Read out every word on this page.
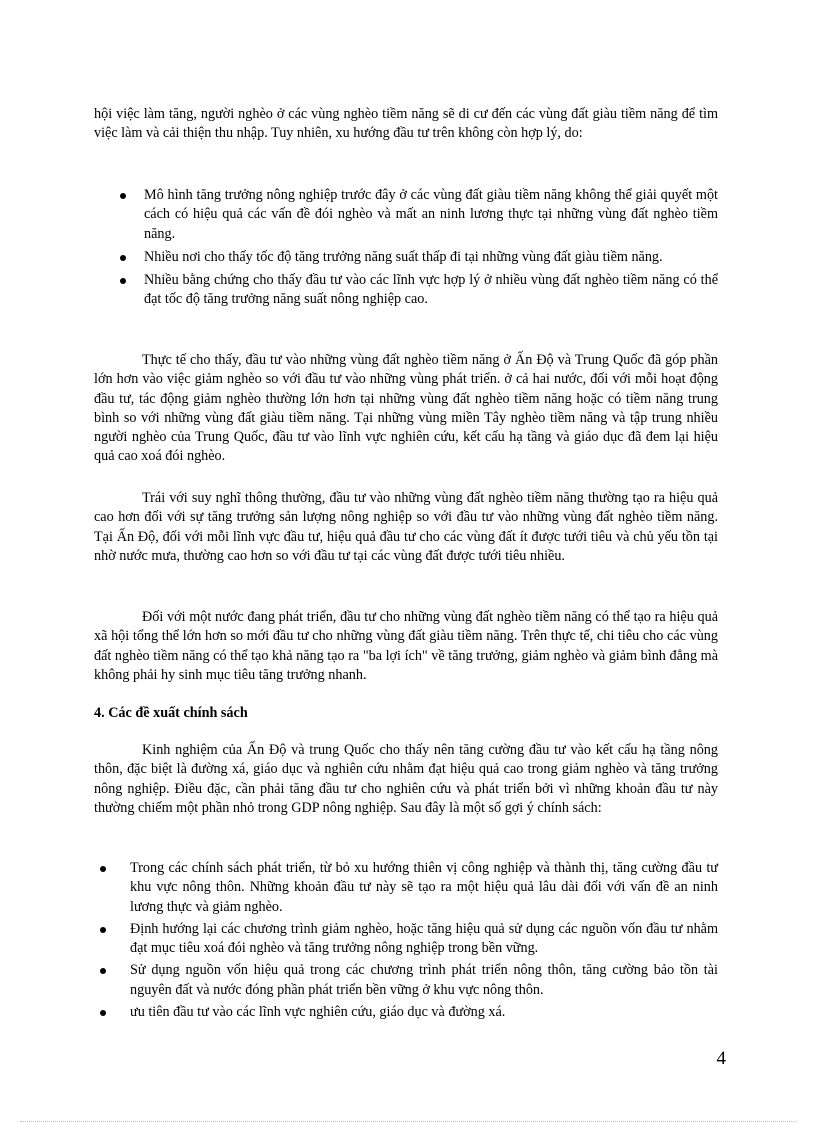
hội việc làm tăng, người nghèo ở các vùng nghèo tiềm năng sẽ di cư đến các vùng đất giàu tiềm năng để tìm việc làm và cải thiện thu nhập. Tuy nhiên, xu hướng đầu tư trên không còn hợp lý, do:

Mô hình tăng trưởng nông nghiệp trước đây ở các vùng đất giàu tiềm năng không thể giải quyết một cách có hiệu quả các vấn đề đói nghèo và mất an ninh lương thực tại những vùng đất nghèo tiềm năng.
Nhiều nơi cho thấy tốc độ tăng trưởng năng suất thấp đi tại những vùng đất giàu tiềm năng.
Nhiều bằng chứng cho thấy đầu tư vào các lĩnh vực hợp lý ở nhiều vùng đất nghèo tiềm năng có thể đạt tốc độ tăng trưởng năng suất nông nghiệp cao.

Thực tế cho thấy, đầu tư vào những vùng đất nghèo tiềm năng ở Ấn Độ và Trung Quốc đã góp phần lớn hơn vào việc giảm nghèo so với đầu tư vào những vùng phát triển. ở cả hai nước, đối với mỗi hoạt động đầu tư, tác động giảm nghèo thường lớn hơn tại những vùng đất nghèo tiềm năng hoặc có tiềm năng trung bình so với những vùng đất giàu tiềm năng. Tại những vùng miền Tây nghèo tiềm năng và tập trung nhiều người nghèo của Trung Quốc, đầu tư vào lĩnh vực nghiên cứu, kết cấu hạ tầng và giáo dục đã đem lại hiệu quả cao xoá đói nghèo.

Trái với suy nghĩ thông thường, đầu tư vào những vùng đất nghèo tiềm năng thường tạo ra hiệu quả cao hơn đối với sự tăng trưởng sản lượng nông nghiệp so với đầu tư vào những vùng đất nghèo tiềm năng. Tại Ấn Độ, đối với mỗi lĩnh vực đầu tư, hiệu quả đầu tư cho các vùng đất ít được tưới tiêu và chủ yếu tồn tại nhờ nước mưa, thường cao hơn so với đầu tư tại các vùng đất được tưới tiêu nhiều.

Đối với một nước đang phát triển, đầu tư cho những vùng đất nghèo tiềm năng có thể tạo ra hiệu quả xã hội tổng thể lớn hơn so mới đầu tư cho những vùng đất giàu tiềm năng. Trên thực tế, chi tiêu cho các vùng đất nghèo tiềm năng có thể tạo khả năng tạo ra "ba lợi ích" về tăng trưởng, giảm nghèo và giảm bình đẳng mà không phải hy sinh mục tiêu tăng trưởng nhanh.

4. Các đề xuất chính sách

Kinh nghiệm của Ấn Độ và trung Quốc cho thấy nên tăng cường đầu tư vào kết cấu hạ tầng nông thôn, đặc biệt là đường xá, giáo dục và nghiên cứu nhằm đạt hiệu quả cao trong giảm nghèo và tăng trưởng nông nghiệp. Điều đặc, cần phải tăng đầu tư cho nghiên cứu và phát triển bởi vì những khoản đầu tư này thường chiếm một phần nhỏ trong GDP nông nghiệp. Sau đây là một số gợi ý chính sách:

Trong các chính sách phát triển, từ bỏ xu hướng thiên vị công nghiệp và thành thị, tăng cường đầu tư khu vực nông thôn. Những khoản đầu tư này sẽ tạo ra một hiệu quả lâu dài đối với vấn đề an ninh lương thực và giảm nghèo.
Định hướng lại các chương trình giảm nghèo, hoặc tăng hiệu quả sử dụng các nguồn vốn đầu tư nhằm đạt mục tiêu xoá đói nghèo và tăng trưởng nông nghiệp trong bền vững.
Sử dụng nguồn vốn hiệu quả trong các chương trình phát triển nông thôn, tăng cường bảo tồn tài nguyên đất và nước đóng phần phát triển bền vững ở khu vực nông thôn.
ưu tiên đầu tư vào các lĩnh vực nghiên cứu, giáo dục và đường xá.
4
